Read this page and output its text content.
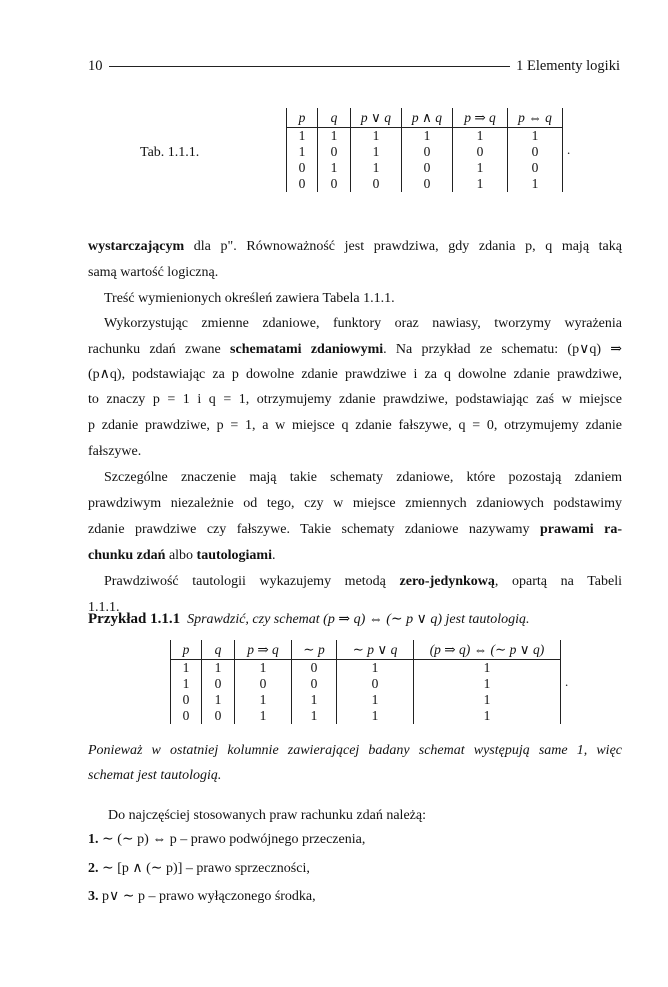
10	1 Elementy logiki
Tab. 1.1.1.
p	q	p ∨ q	p ∧ q	p ⇒ q	p ⇔ q
1	1	1	1	1	1
1	0	1	0	0	0
0	1	1	0	1	0
0	0	0	0	1	1
.
wystarczającym dla p". Równoważność jest prawdziwa, gdy zdania p, q mają taką
samą wartość logiczną.
Treść wymienionych określeń zawiera Tabela 1.1.1.
Wykorzystując zmienne zdaniowe, funktory oraz nawiasy, tworzymy wyrażenia
rachunku zdań zwane schematami zdaniowymi. Na przykład ze schematu: (p∨q) ⇒
(p∧q), podstawiając za p dowolne zdanie prawdziwe i za q dowolne zdanie prawdziwe,
to znaczy p = 1 i q = 1, otrzymujemy zdanie prawdziwe, podstawiając zaś w miejsce
p zdanie prawdziwe, p = 1, a w miejsce q zdanie fałszywe, q = 0, otrzymujemy zdanie
fałszywe.
Szczególne znaczenie mają takie schematy zdaniowe, które pozostają zdaniem
prawdziwym niezależnie od tego, czy w miejsce zmiennych zdaniowych podstawimy
zdanie prawdziwe czy fałszywe. Takie schematy zdaniowe nazywamy prawami ra-
chunku zdań albo tautologiami.
Prawdziwość tautologii wykazujemy metodą zero-jedynkową, opartą na Tabeli
1.1.1.
Przykład 1.1.1 Sprawdzić, czy schemat (p ⇒ q) ⇔ (∼ p ∨ q) jest tautologią.
p	q	p ⇒ q	∼ p	∼ p ∨ q	(p ⇒ q) ⇔ (∼ p ∨ q)
1	1	1	0	1	1
1	0	0	0	0	1
0	1	1	1	1	1
0	0	1	1	1	1
.
Ponieważ w ostatniej kolumnie zawierającej badany schemat występują same 1, więc
schemat jest tautologią.
Do najczęściej stosowanych praw rachunku zdań należą:
1. ∼ (∼ p) ⇔ p – prawo podwójnego przeczenia,
2. ∼ [p ∧ (∼ p)] – prawo sprzeczności,
3. p∨ ∼ p – prawo wyłączonego środka,
